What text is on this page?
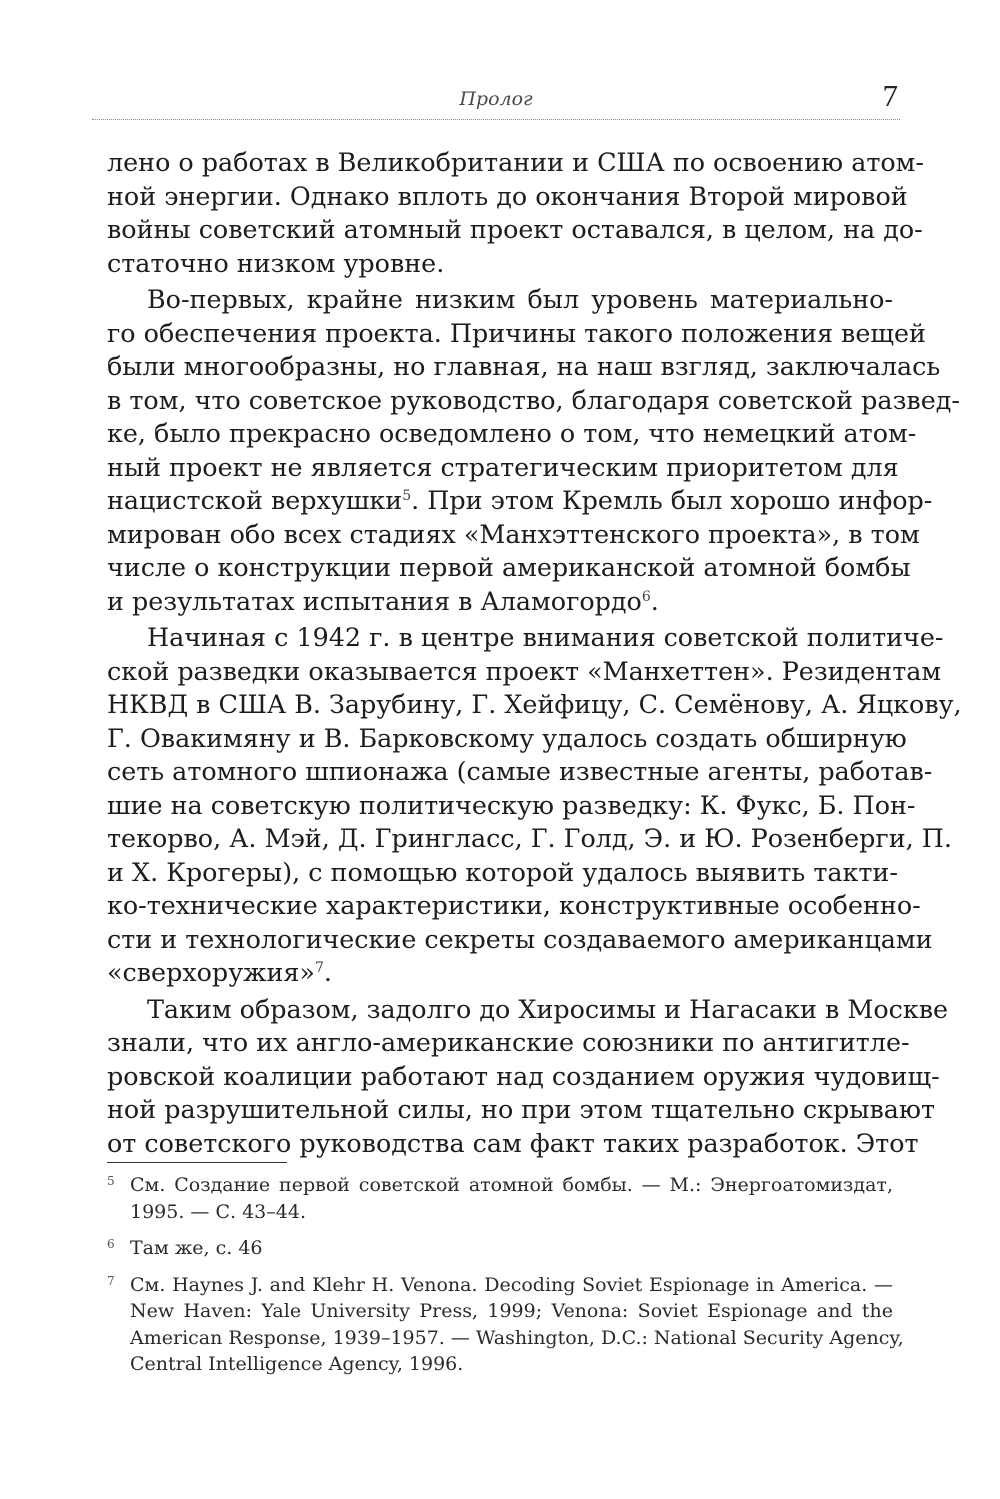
Пролог	7
лено о работах в Великобритании и США по освоению атом-
ной энергии. Однако вплоть до окончания Второй мировой
войны советский атомный проект оставался, в целом, на до-
статочно низком уровне.
Во-первых, крайне низким был уровень материально-
го обеспечения проекта. Причины такого положения вещей
были многообразны, но главная, на наш взгляд, заключалась
в том, что советское руководство, благодаря советской развед-
ке, было прекрасно осведомлено о том, что немецкий атом-
ный проект не является стратегическим приоритетом для
нацистской верхушки$^5$. При этом Кремль был хорошо инфор-
мирован обо всех стадиях «Манхэттенского проекта», в том
числе о конструкции первой американской атомной бомбы
и результатах испытания в Аламогордо$^6$.
Начиная с 1942 г. в центре внимания советской политиче-
ской разведки оказывается проект «Манхеттен». Резидентам
НКВД в США В. Зарубину, Г. Хейфицу, С. Семёнову, А. Яцкову,
Г. Овакимяну и В. Барковскому удалось создать обширную
сеть атомного шпионажа (самые известные агенты, работав-
шие на советскую политическую разведку: К. Фукс, Б. Пон-
текорво, А. Мэй, Д. Грингласс, Г. Голд, Э. и Ю. Розенберги, П.
и Х. Крогеры), с помощью которой удалось выявить такти-
ко-технические характеристики, конструктивные особенно-
сти и технологические секреты создаваемого американцами
«сверхоружия»$^7$.
Таким образом, задолго до Хиросимы и Нагасаки в Москве
знали, что их англо-американские союзники по антигитле-
ровской коалиции работают над созданием оружия чудовищ-
ной разрушительной силы, но при этом тщательно скрывают
от советского руководства сам факт таких разработок. Этот
5 См. Создание первой советской атомной бомбы. — М.: Энергоатомиздат,
1995. — С. 43–44.
6 Там же, с. 46
7 См. Haynes J. and Klehr H. Venona. Decoding Soviet Espionage in America. —
New Haven: Yale University Press, 1999; Venona: Soviet Espionage and the
American Response, 1939–1957. — Washington, D.C.: National Security Agency,
Central Intelligence Agency, 1996.
